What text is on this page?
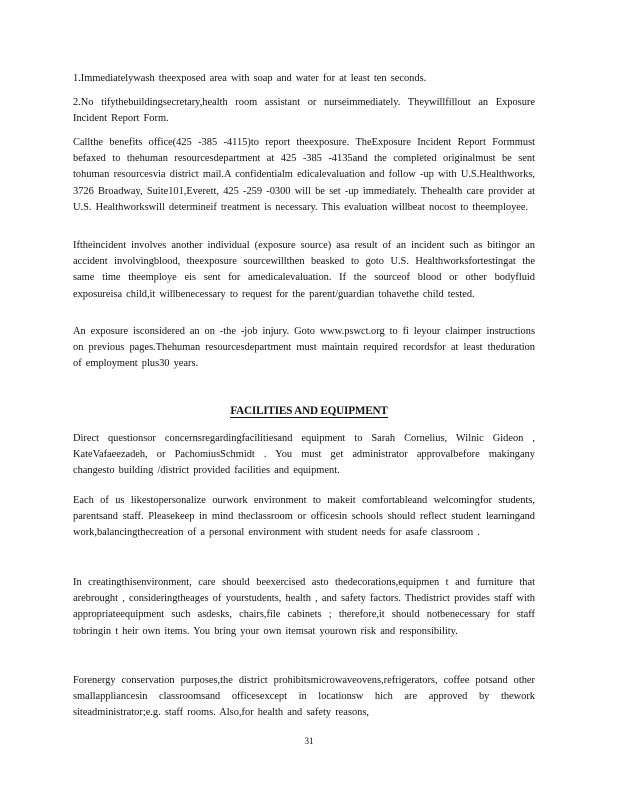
1.Immediatelywash theexposed area with soap and water for at least ten seconds.
2.No tifythebuildingsecretary,health room assistant or nurseimmediately. Theywillfillout an Exposure Incident Report Form.
Callthe benefits office(425 -385 -4115)to report theexposure. TheExposure Incident Report Formmust befaxed to thehuman resourcesdepartment at 425 -385 -4135and the completed originalmust be sent tohuman resourcesvia district mail.A confidentialm edicalevaluation and follow -up with U.S.Healthworks, 3726 Broadway, Suite101,Everett, 425 -259 -0300 will be set -up immediately. Thehealth care provider at U.S. Healthworkswill determineif treatment is necessary. This evaluation willbeat nocost to theemployee.
Iftheincident involves another individual (exposure source) asa result of an incident such as bitingor an accident involvingblood, theexposure sourcewillthen beasked to goto U.S. Healthworksfortestingat the same time theemploye eis sent for amedicalevaluation. If the sourceof blood or other bodyfluid exposureisa child,it willbenecessary to request for the parent/guardian tohavethe child tested.
An exposure isconsidered an on -the -job injury. Goto www.pswct.org to fi leyour claimper instructions on previous pages.Thehuman resourcesdepartment must maintain required recordsfor at least theduration of employment plus30 years.
FACILITIES AND EQUIPMENT
Direct questionsor concernsregardingfacilitiesand equipment to Sarah Cornelius, Wilnic Gideon , KateVafaeezadeh, or PachomiusSchmidt . You must get administrator approvalbefore makingany changesto building /district provided facilities and equipment.
Each of us likestopersonalize ourwork environment to makeit comfortableand welcomingfor students, parentsand staff. Pleasekeep in mind theclassroom or officesin schools should reflect student learningand work,balancingthecreation of a personal environment with student needs for asafe classroom .
In creatingthisenvironment, care should beexercised asto thedecorations,equipmen t and furniture that arebrought , consideringtheages of yourstudents, health , and safety factors. Thedistrict provides staff with appropriateequipment such asdesks, chairs,file cabinets ; therefore,it should notbenecessary for staff tobringin t heir own items. You bring your own itemsat yourown risk and responsibility.
Forenergy conservation purposes,the district prohibitsmicrowaveovens,refrigerators, coffee potsand other smallappliancesin classroomsand officesexcept in locationsw hich are approved by thework siteadministrator;e.g. staff rooms. Also,for health and safety reasons,
31
